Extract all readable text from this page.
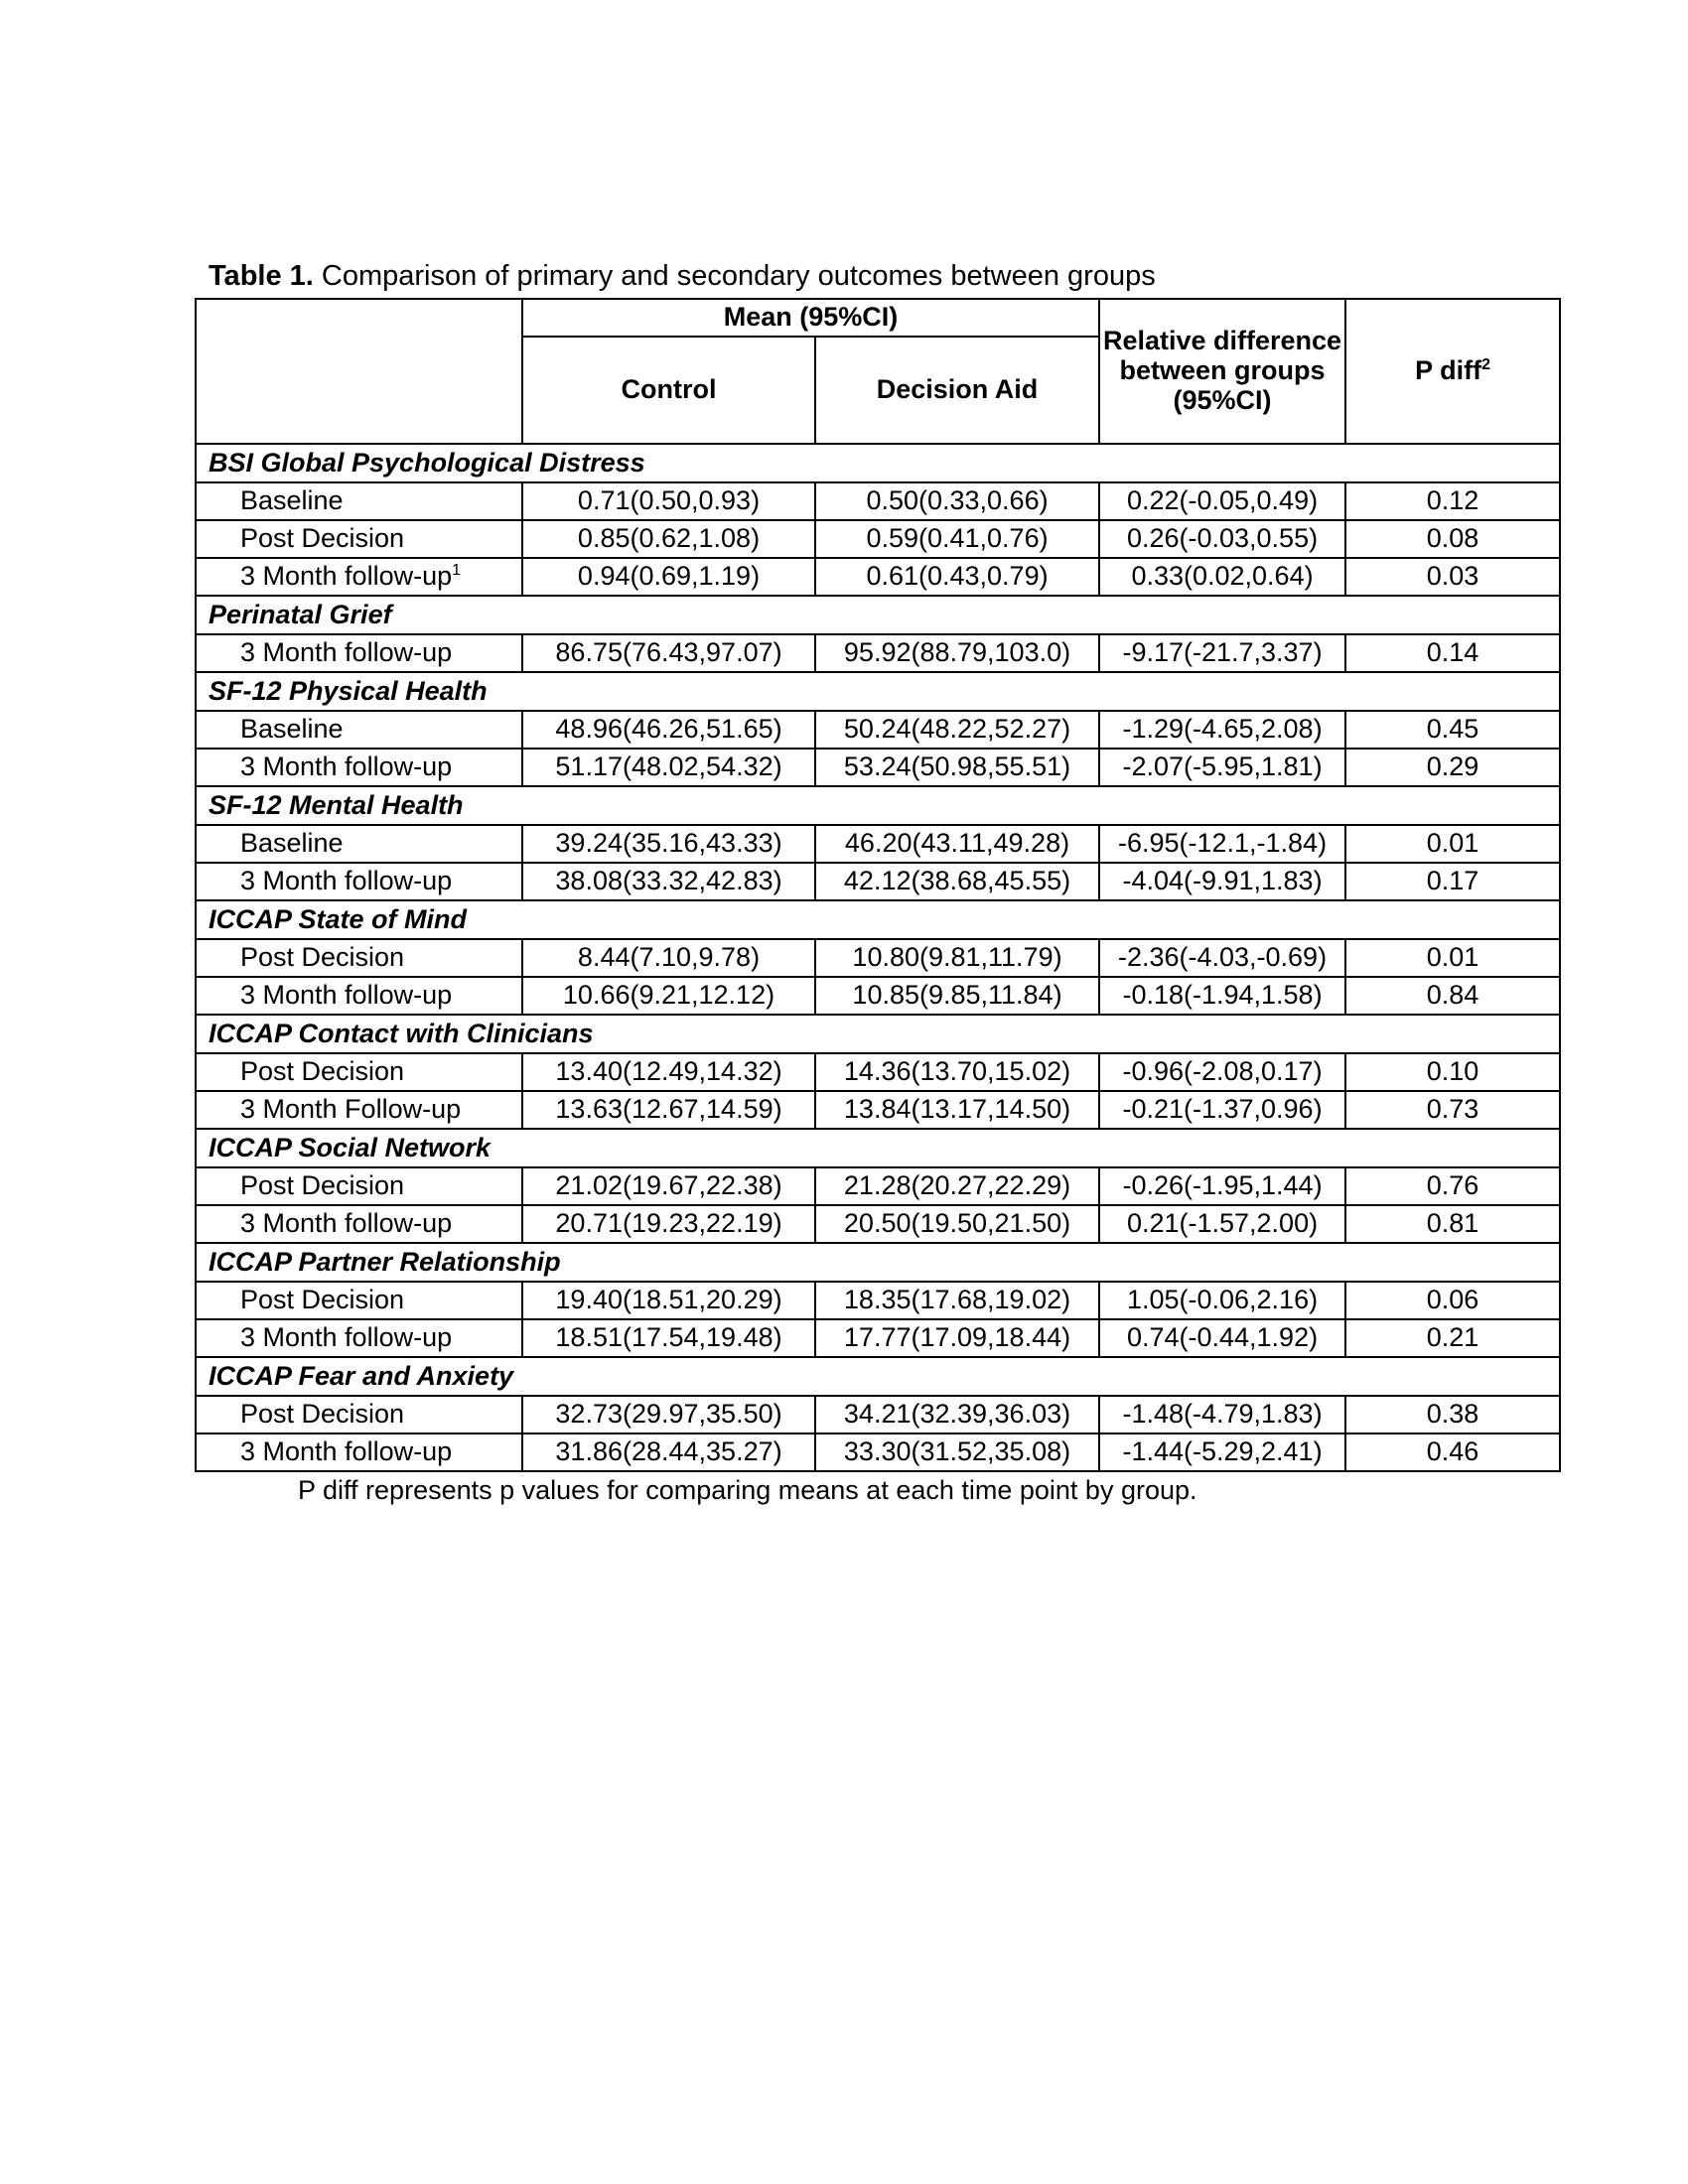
Table 1. Comparison of primary and secondary outcomes between groups
	Mean (95%CI)		Relative difference between groups (95%CI)	P diff$^2$
	Control	Decision Aid		
BSI Global Psychological Distress				
Baseline	0.71(0.50,0.93)	0.50(0.33,0.66)	0.22(-0.05,0.49)	0.12
Post Decision	0.85(0.62,1.08)	0.59(0.41,0.76)	0.26(-0.03,0.55)	0.08
3 Month follow-$up^1$	0.94(0.69,1.19)	0.61(0.43,0.79)	0.33(0.02,0.64)	0.03
Perinatal Grief				
3 Month follow-up	86.75(76.43,97.07)	95.92(88.79,103.0)	-9.17(-21.7,3.37)	0.14
SF-12 Physical Health				
Baseline	48.96(46.26,51.65)	50.24(48.22,52.27)	-1.29(-4.65,2.08)	0.45
3 Month follow-up	51.17(48.02,54.32)	53.24(50.98,55.51)	-2.07(-5.95,1.81)	0.29
SF-12 Mental Health				
Baseline	39.24(35.16,43.33)	46.20(43.11,49.28)	-6.95(-12.1,-1.84)	0.01
3 Month follow-up	38.08(33.32,42.83)	42.12(38.68,45.55)	-4.04(-9.91,1.83)	0.17
ICCAP State of Mind				
Post Decision	8.44(7.10,9.78)	10.80(9.81,11.79)	-2.36(-4.03,-0.69)	0.01
3 Month follow-up	10.66(9.21,12.12)	10.85(9.85,11.84)	-0.18(-1.94,1.58)	0.84
ICCAP Contact with Clinicians				
Post Decision	13.40(12.49,14.32)	14.36(13.70,15.02)	-0.96(-2.08,0.17)	0.10
3 Month Follow-up	13.63(12.67,14.59)	13.84(13.17,14.50)	-0.21(-1.37,0.96)	0.73
ICCAP Social Network				
Post Decision	21.02(19.67,22.38)	21.28(20.27,22.29)	-0.26(-1.95,1.44)	0.76
3 Month follow-up	20.71(19.23,22.19)	20.50(19.50,21.50)	0.21(-1.57,2.00)	0.81
ICCAP Partner Relationship				
Post Decision	19.40(18.51,20.29)	18.35(17.68,19.02)	1.05(-0.06,2.16)	0.06
3 Month follow-up	18.51(17.54,19.48)	17.77(17.09,18.44)	0.74(-0.44,1.92)	0.21
ICCAP Fear and Anxiety				
Post Decision	32.73(29.97,35.50)	34.21(32.39,36.03)	-1.48(-4.79,1.83)	0.38
3 Month follow-up	31.86(28.44,35.27)	33.30(31.52,35.08)	-1.44(-5.29,2.41)	0.46
P diff represents p values for comparing means at each time point by group.
